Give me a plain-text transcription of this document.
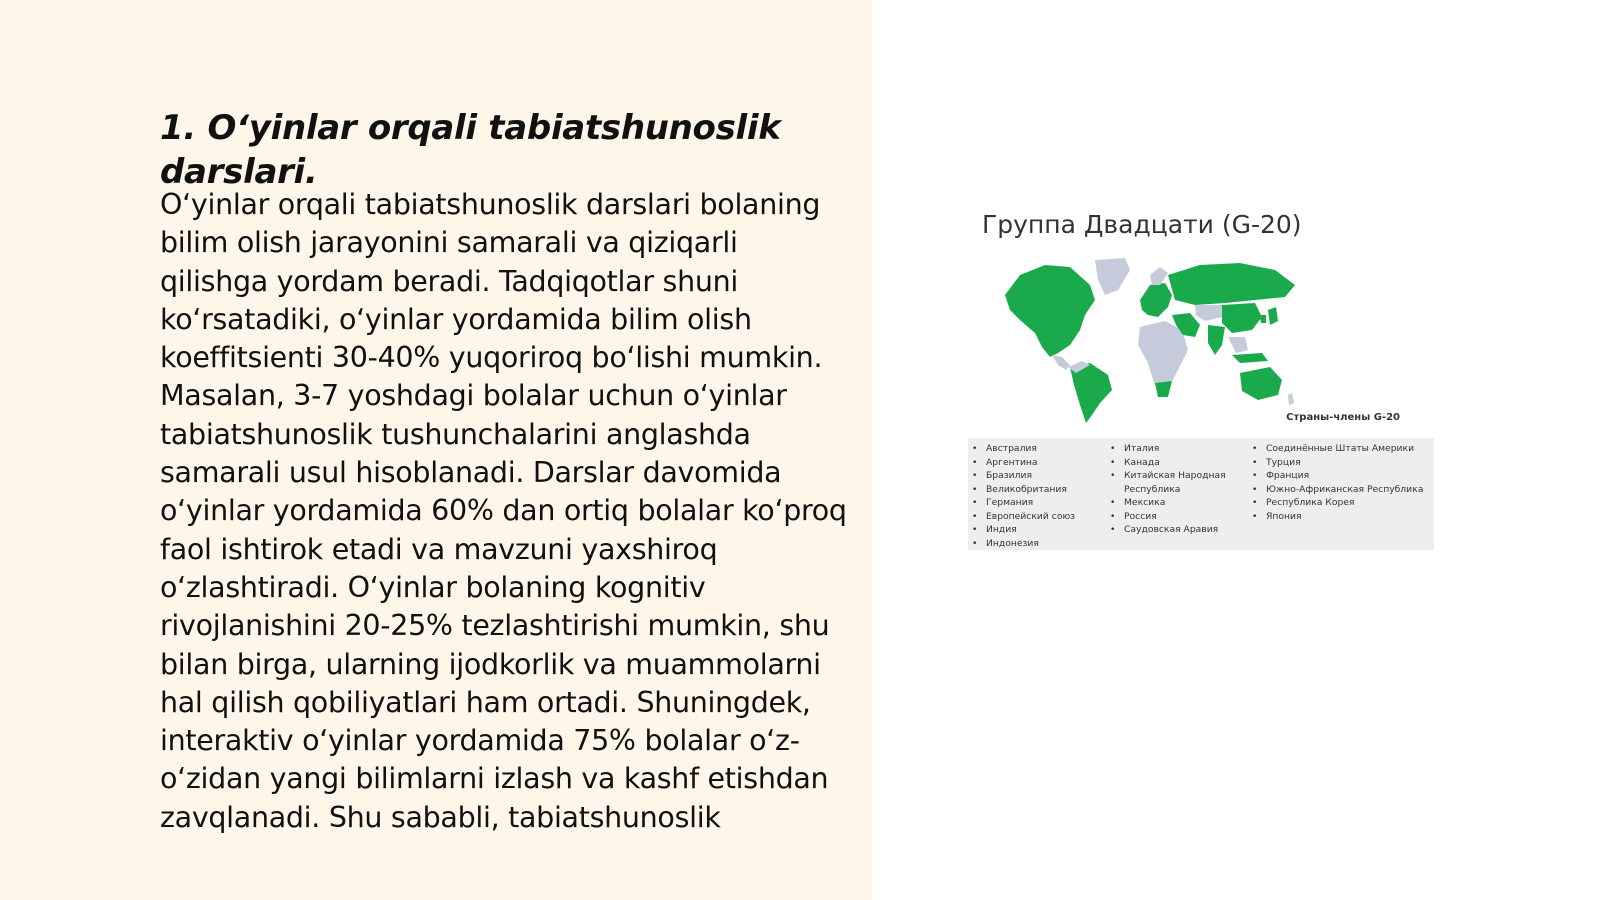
1. O‘yinlar orqali tabiatshunoslik darslari.

O‘yinlar orqali tabiatshunoslik darslari bolaning bilim olish jarayonini samarali va qiziqarli qilishga yordam beradi. Tadqiqotlar shuni ko‘rsatadiki, o‘yinlar yordamida bilim olish koeffitsienti 30-40% yuqoriroq bo‘lishi mumkin. Masalan, 3-7 yoshdagi bolalar uchun o‘yinlar tabiatshunoslik tushunchalarini anglashda samarali usul hisoblanadi. Darslar davomida o‘yinlar yordamida 60% dan ortiq bolalar ko‘proq faol ishtirok etadi va mavzuni yaxshiroq o‘zlashtiradi. O‘yinlar bolaning kognitiv rivojlanishini 20-25% tezlashtirishi mumkin, shu bilan birga, ularning ijodkorlik va muammolarni hal qilish qobiliyatlari ham ortadi. Shuningdek, interaktiv o‘yinlar yordamida 75% bolalar o‘z-o‘zidan yangi bilimlarni izlash va kashf etishdan zavqlanadi. Shu sababli, tabiatshunoslik

Группа Двадцати (G-20)
Страны-члены G-20
• Австралия
• Аргентина
• Бразилия
• Великобритания
• Германия
• Европейский союз
• Индия
• Индонезия
• Италия
• Канада
• Китайская Народная
Республика
• Мексика
• Россия
• Саудовская Аравия
• Соединённые Штаты Америки
• Турция
• Франция
• Южно-Африканская Республика
• Республика Корея
• Япония
